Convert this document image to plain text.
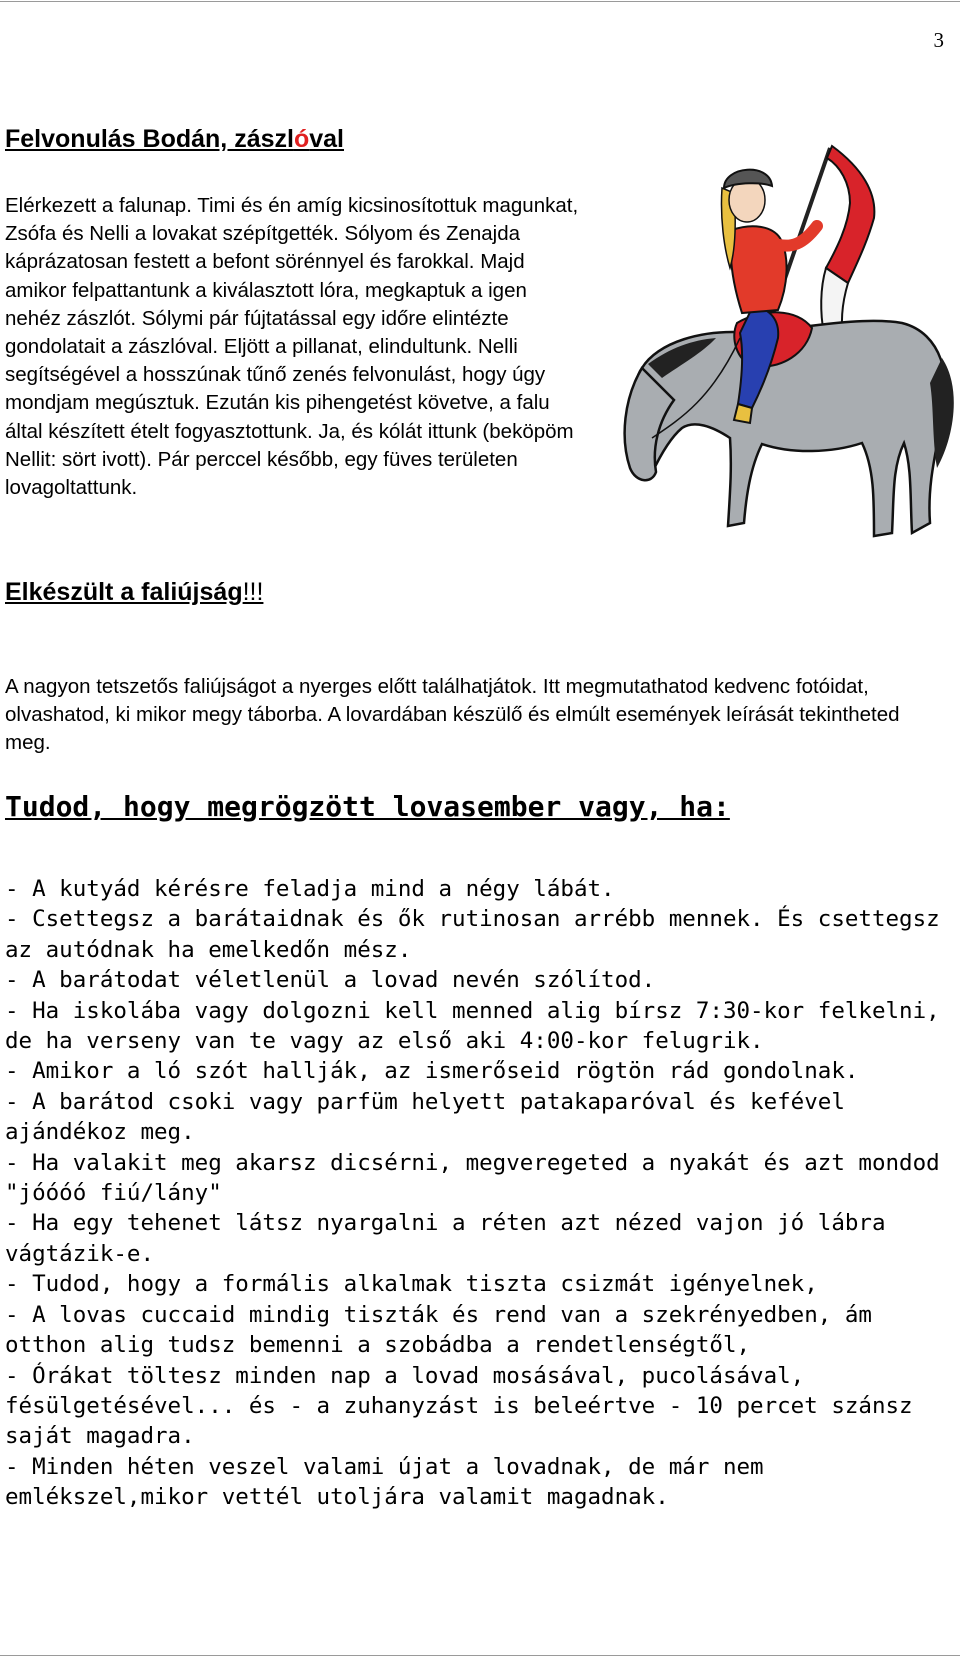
3
Felvonulás Bodán, zászlóval

Elérkezett a falunap. Timi és én amíg kicsinosítottuk magunkat, Zsófa és Nelli a lovakat szépítgették. Sólyom és Zenajda káprázatosan festett a befont sörénnyel és farokkal. Majd amikor felpattantunk a kiválasztott lóra, megkaptuk a igen nehéz zászlót. Sólymi pár fújtatással egy időre elintézte gondolatait a zászlóval. Eljött a pillanat, elindultunk. Nelli segítségével a hosszúnak tűnő zenés felvonulást, hogy úgy mondjam megúsztuk. Ezután kis pihengetést követve, a falu által készített ételt fogyasztottunk. Ja, és kólát ittunk (beköpöm Nellit: sört ivott). Pár perccel később, egy füves területen lovagoltattunk.

Elkészült a faliújság!!!

A nagyon tetszetős faliújságot a nyerges előtt találhatjátok. Itt megmutathatod kedvenc fotóidat, olvashatod, ki mikor megy táborba. A lovardában készülő és elmúlt események leírását tekintheted meg.

Tudod, hogy megrögzött lovasember vagy, ha:

- A kutyád kérésre feladja mind a négy lábát.

- Csettegsz a barátaidnak és ők rutinosan arrébb mennek. És csettegsz az autódnak ha emelkedőn mész.

- A barátodat véletlenül a lovad nevén szólítod.

- Ha iskolába vagy dolgozni kell menned alig bírsz 7:30-kor felkelni, de ha verseny van te vagy az első aki 4:00-kor felugrik.

- Amikor a ló szót hallják, az ismerőseid rögtön rád gondolnak.

- A barátod csoki vagy parfüm helyett patakaparóval és kefével ajándékoz meg.

- Ha valakit meg akarsz dicsérni, megveregeted a nyakát és azt mondod "jóóóó fiú/lány"

- Ha egy tehenet látsz nyargalni a réten azt nézed vajon jó lábra vágtázik-e.

- Tudod, hogy a formális alkalmak tiszta csizmát igényelnek,

- A lovas cuccaid mindig tiszták és rend van a szekrényedben, ám otthon alig tudsz bemenni a szobádba a rendetlenségtől,

- Órákat töltesz minden nap a lovad mosásával, pucolásával, fésülgetésével... és - a zuhanyzást is beleértve - 10 percet szánsz saját magadra.

- Minden héten veszel valami újat a lovadnak, de már nem emlékszel,mikor vettél utoljára valamit magadnak.
